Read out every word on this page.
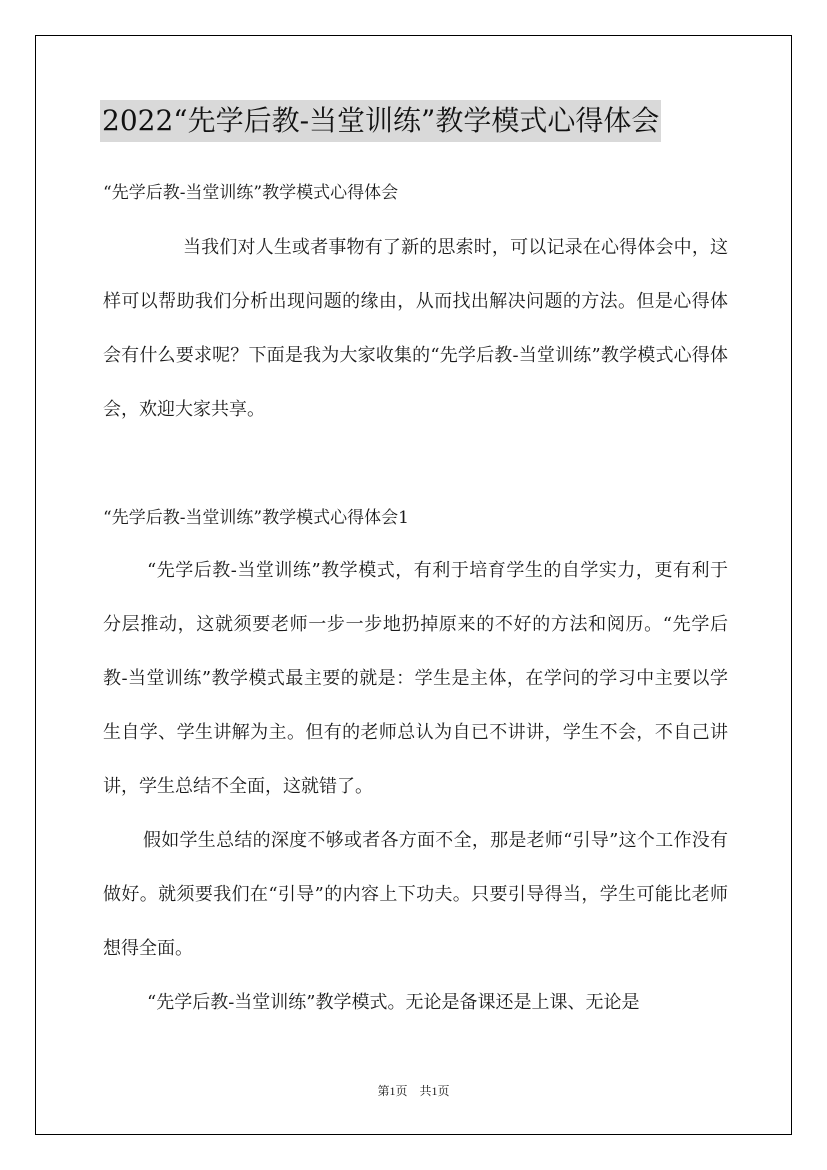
2022“先学后教-当堂训练”教学模式心得体会
“先学后教-当堂训练”教学模式心得体会

当我们对人生或者事物有了新的思索时，可以记录在心得体会中，这样可以帮助我们分析出现问题的缘由，从而找出解决问题的方法。但是心得体会有什么要求呢？下面是我为大家收集的“先学后教-当堂训练”教学模式心得体会，欢迎大家共享。

“先学后教-当堂训练”教学模式心得体会1

“先学后教-当堂训练”教学模式，有利于培育学生的自学实力，更有利于分层推动，这就须要老师一步一步地扔掉原来的不好的方法和阅历。“先学后教-当堂训练”教学模式最主要的就是：学生是主体，在学问的学习中主要以学生自学、学生讲解为主。但有的老师总认为自已不讲讲，学生不会，不自己讲讲，学生总结不全面，这就错了。

假如学生总结的深度不够或者各方面不全，那是老师“引导”这个工作没有做好。就须要我们在“引导”的内容上下功夫。只要引导得当，学生可能比老师想得全面。

“先学后教-当堂训练”教学模式。无论是备课还是上课、无论是

第1页　共1页
